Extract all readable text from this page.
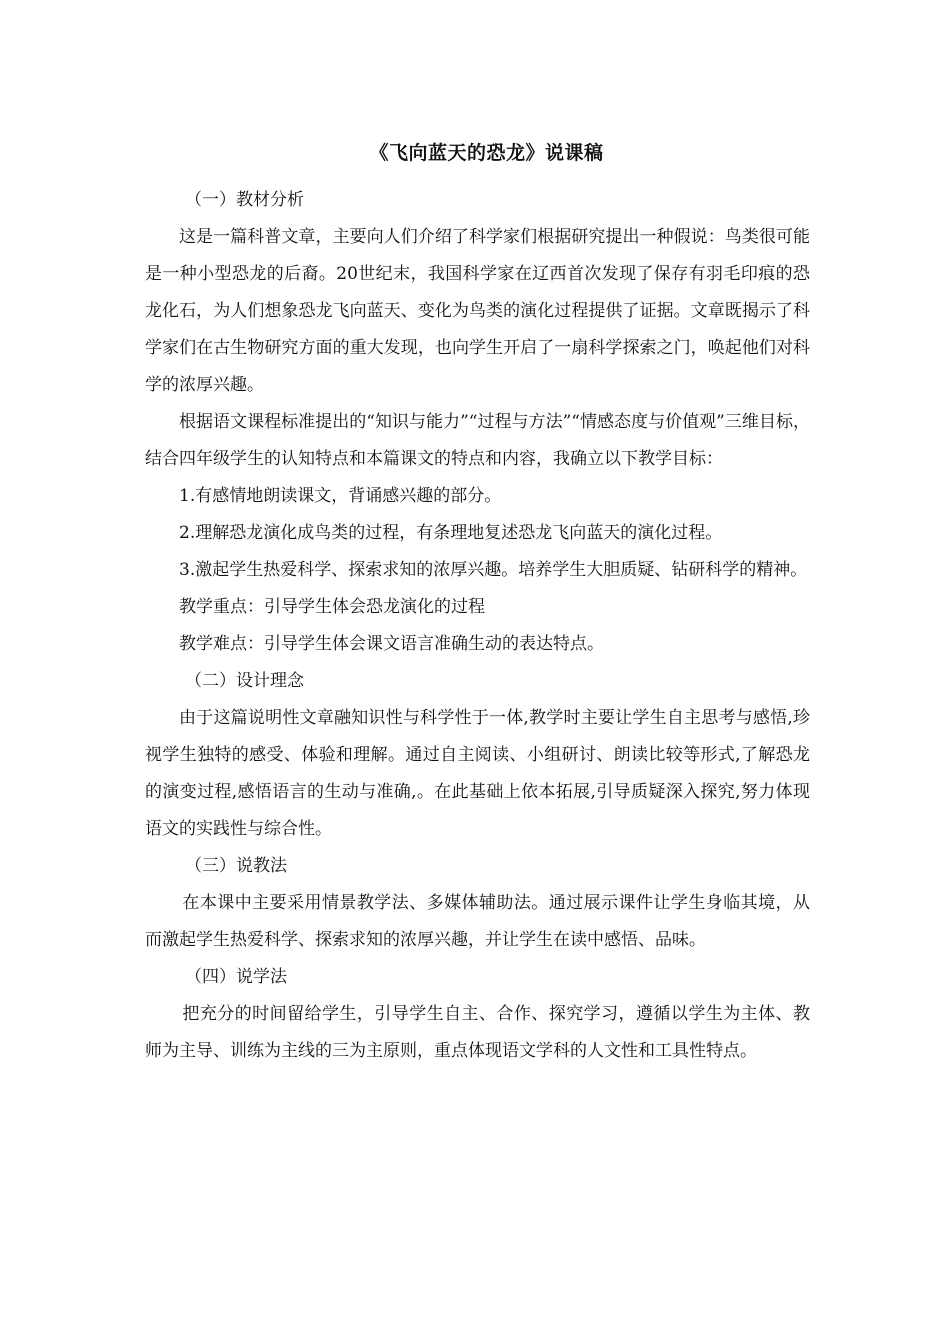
《飞向蓝天的恐龙》说课稿
（一）教材分析

这是一篇科普文章，主要向人们介绍了科学家们根据研究提出一种假说：鸟类很可能是一种小型恐龙的后裔。20世纪末，我国科学家在辽西首次发现了保存有羽毛印痕的恐龙化石，为人们想象恐龙飞向蓝天、变化为鸟类的演化过程提供了证据。文章既揭示了科学家们在古生物研究方面的重大发现，也向学生开启了一扇科学探索之门，唤起他们对科学的浓厚兴趣。

根据语文课程标准提出的“知识与能力”“过程与方法”“情感态度与价值观”三维目标，结合四年级学生的认知特点和本篇课文的特点和内容，我确立以下教学目标：

1.有感情地朗读课文，背诵感兴趣的部分。

2.理解恐龙演化成鸟类的过程，有条理地复述恐龙飞向蓝天的演化过程。

3.激起学生热爱科学、探索求知的浓厚兴趣。培养学生大胆质疑、钻研科学的精神。

教学重点：引导学生体会恐龙演化的过程

教学难点：引导学生体会课文语言准确生动的表达特点。

（二）设计理念

由于这篇说明性文章融知识性与科学性于一体,教学时主要让学生自主思考与感悟,珍视学生独特的感受、体验和理解。通过自主阅读、小组研讨、朗读比较等形式,了解恐龙的演变过程,感悟语言的生动与准确,。在此基础上依本拓展,引导质疑深入探究,努力体现语文的实践性与综合性。

（三）说教法

在本课中主要采用情景教学法、多媒体辅助法。通过展示课件让学生身临其境，从而激起学生热爱科学、探索求知的浓厚兴趣，并让学生在读中感悟、品味。

（四）说学法

把充分的时间留给学生，引导学生自主、合作、探究学习，遵循以学生为主体、教师为主导、训练为主线的三为主原则，重点体现语文学科的人文性和工具性特点。
